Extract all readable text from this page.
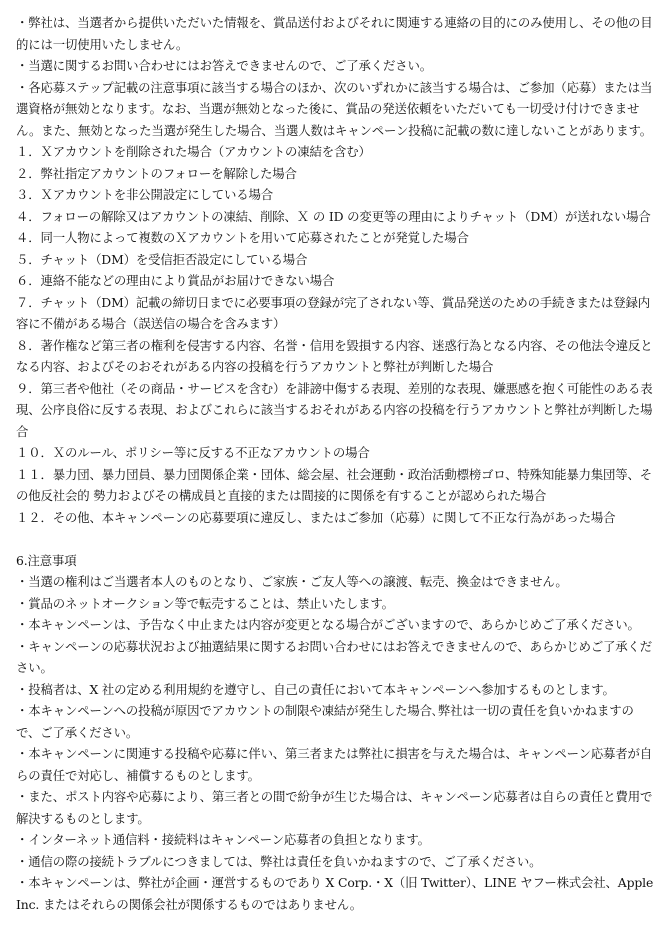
・弊社は、当選者から提供いただいた情報を、賞品送付およびそれに関連する連絡の目的にのみ使用し、その他の目的には一切使用いたしません。

・当選に関するお問い合わせにはお答えできませんので、ご了承ください。

・各応募ステップ記載の注意事項に該当する場合のほか、次のいずれかに該当する場合は、ご参加（応募）または当選資格が無効となります。なお、当選が無効となった後に、賞品の発送依頼をいただいても一切受け付けできません。また、無効となった当選が発生した場合、当選人数はキャンペーン投稿に記載の数に達しないことがあります。

１．Ｘアカウントを削除された場合（アカウントの凍結を含む）

２．弊社指定アカウントのフォローを解除した場合

３．Ｘアカウントを非公開設定にしている場合

４．フォローの解除又はアカウントの凍結、削除、Ｘ の ID の変更等の理由によりチャット（DM）が送れない場合

４．同一人物によって複数のＸアカウントを用いて応募されたことが発覚した場合

５．チャット（DM）を受信拒否設定にしている場合

６．連絡不能などの理由により賞品がお届けできない場合

７．チャット（DM）記載の締切日までに必要事項の登録が完了されない等、賞品発送のための手続きまたは登録内容に不備がある場合（誤送信の場合を含みます）

８．著作権など第三者の権利を侵害する内容、名誉・信用を毀損する内容、迷惑行為となる内容、その他法令違反となる内容、およびそのおそれがある内容の投稿を行うアカウントと弊社が判断した場合

９．第三者や他社（その商品・サービスを含む）を誹謗中傷する表現、差別的な表現、嫌悪感を抱く可能性のある表現、公序良俗に反する表現、およびこれらに該当するおそれがある内容の投稿を行うアカウントと弊社が判断した場合

１０．Ｘのルール、ポリシー等に反する不正なアカウントの場合

１１．暴力団、暴力団員、暴力団関係企業・団体、総会屋、社会運動・政治活動標榜ゴロ、特殊知能暴力集団等、その他反社会的 勢力およびその構成員と直接的または間接的に関係を有することが認められた場合

１２．その他、本キャンペーンの応募要項に違反し、またはご参加（応募）に関して不正な行為があった場合

6.注意事項

・当選の権利はご当選者本人のものとなり、ご家族・ご友人等への譲渡、転売、換金はできません。

・賞品のネットオークション等で転売することは、禁止いたします。

・本キャンペーンは、予告なく中止または内容が変更となる場合がございますので、あらかじめご了承ください。

・キャンペーンの応募状況および抽選結果に関するお問い合わせにはお答えできませんので、あらかじめご了承ください。

・投稿者は、X 社の定める利用規約を遵守し、自己の責任において本キャンペーンへ参加するものとします。

・本キャンペーンへの投稿が原因でアカウントの制限や凍結が発生した場合､弊社は一切の責任を負いかねますので、ご了承ください。

・本キャンペーンに関連する投稿や応募に伴い、第三者または弊社に損害を与えた場合は、キャンペーン応募者が自らの責任で対応し、補償するものとします。

・また、ポスト内容や応募により、第三者との間で紛争が生じた場合は、キャンペーン応募者は自らの責任と費用で解決するものとします。

・インターネット通信料・接続料はキャンペーン応募者の負担となります。

・通信の際の接続トラブルにつきましては、弊社は責任を負いかねますので、ご了承ください。

・本キャンペーンは、弊社が企画・運営するものであり X Corp.・X（旧 Twitter）、LINE ヤフー株式会社、Apple Inc. またはそれらの関係会社が関係するものではありません。
